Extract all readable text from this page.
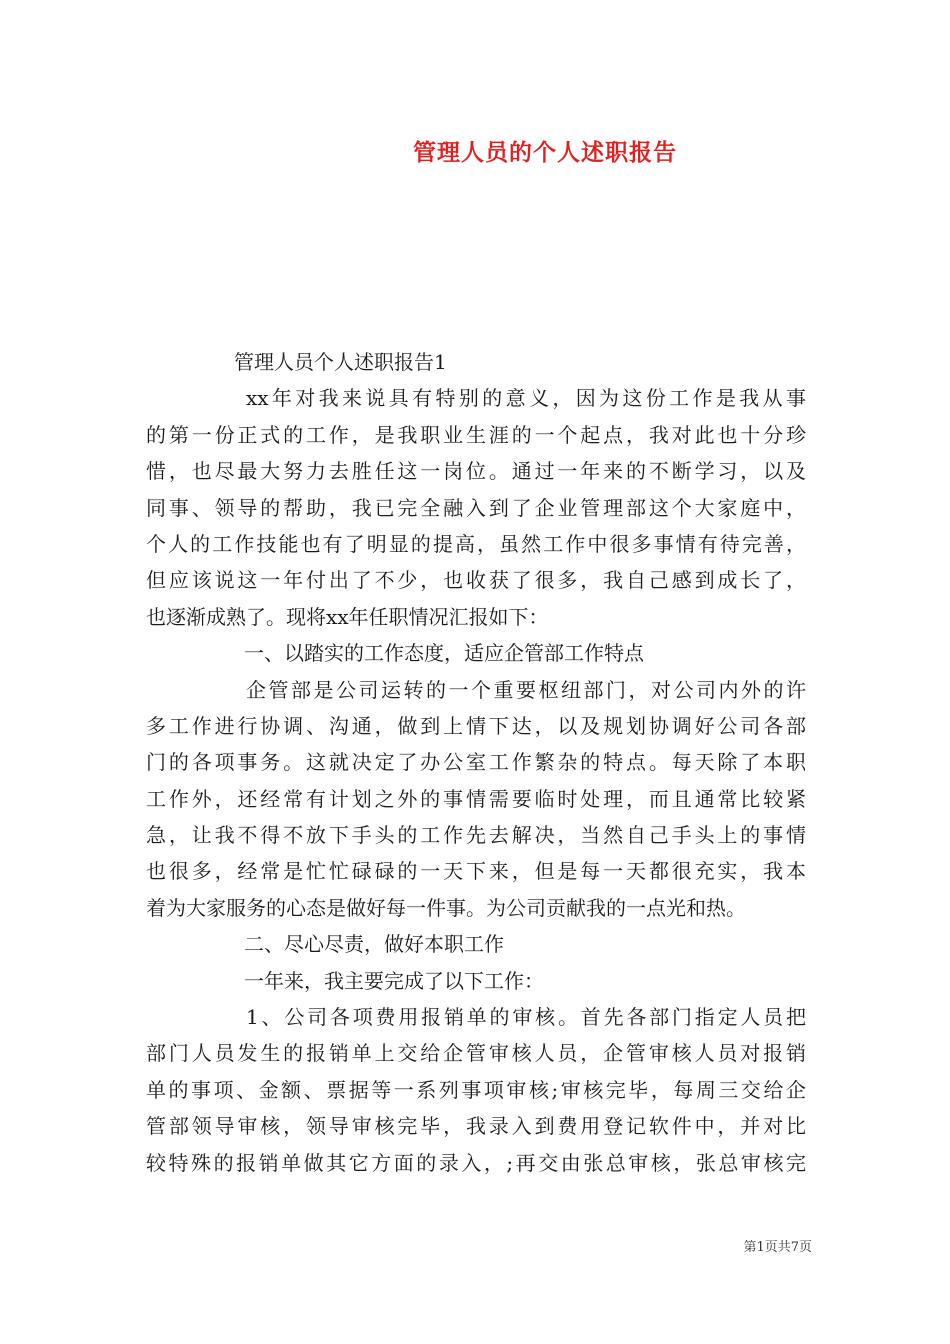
管理人员的个人述职报告
管理人员个人述职报告1
xx年对我来说具有特别的意义，因为这份工作是我从事
的第一份正式的工作，是我职业生涯的一个起点，我对此也十分珍
惜，也尽最大努力去胜任这一岗位。通过一年来的不断学习，以及
同事、领导的帮助，我已完全融入到了企业管理部这个大家庭中，
个人的工作技能也有了明显的提高，虽然工作中很多事情有待完善，
但应该说这一年付出了不少，也收获了很多，我自己感到成长了，
也逐渐成熟了。现将xx年任职情况汇报如下：
一、以踏实的工作态度，适应企管部工作特点
企管部是公司运转的一个重要枢纽部门，对公司内外的许
多工作进行协调、沟通，做到上情下达，以及规划协调好公司各部
门的各项事务。这就决定了办公室工作繁杂的特点。每天除了本职
工作外，还经常有计划之外的事情需要临时处理，而且通常比较紧
急，让我不得不放下手头的工作先去解决，当然自己手头上的事情
也很多，经常是忙忙碌碌的一天下来，但是每一天都很充实，我本
着为大家服务的心态是做好每一件事。为公司贡献我的一点光和热。
二、尽心尽责，做好本职工作
一年来，我主要完成了以下工作：
1、公司各项费用报销单的审核。首先各部门指定人员把
部门人员发生的报销单上交给企管审核人员，企管审核人员对报销
单的事项、金额、票据等一系列事项审核;审核完毕，每周三交给企
管部领导审核，领导审核完毕，我录入到费用登记软件中，并对比
较特殊的报销单做其它方面的录入，;再交由张总审核，张总审核完
第1页共7页
